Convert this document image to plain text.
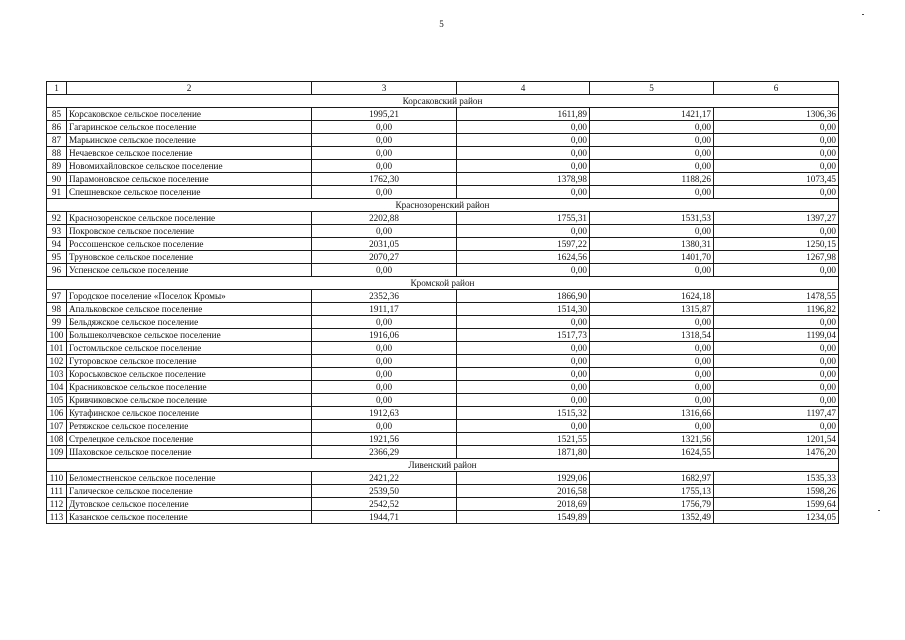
5
1	2	3	4	5	6
Корсаковский район					
85	Корсаковское сельское поселение	1995,21	1611,89	1421,17	1306,36
86	Гагаринское сельское поселение	0,00	0,00	0,00	0,00
87	Марьинское сельское поселение	0,00	0,00	0,00	0,00
88	Нечаевское сельское поселение	0,00	0,00	0,00	0,00
89	Новомихайловское сельское поселение	0,00	0,00	0,00	0,00
90	Парамоновское сельское поселение	1762,30	1378,98	1188,26	1073,45
91	Спешневское сельское поселение	0,00	0,00	0,00	0,00
Краснозоренский район					
92	Краснозоренское сельское поселение	2202,88	1755,31	1531,53	1397,27
93	Покровское сельское поселение	0,00	0,00	0,00	0,00
94	Россошенское сельское поселение	2031,05	1597,22	1380,31	1250,15
95	Труновское сельское поселение	2070,27	1624,56	1401,70	1267,98
96	Успенское сельское поселение	0,00	0,00	0,00	0,00
Кромской район					
97	Городское поселение «Поселок Кромы»	2352,36	1866,90	1624,18	1478,55
98	Апальковское сельское поселение	1911,17	1514,30	1315,87	1196,82
99	Бельдяжское сельское поселение	0,00	0,00	0,00	0,00
100	Большеколчевское сельское поселение	1916,06	1517,73	1318,54	1199,04
101	Гостомльское сельское поселение	0,00	0,00	0,00	0,00
102	Гуторовское сельское поселение	0,00	0,00	0,00	0,00
103	Короськовское сельское поселение	0,00	0,00	0,00	0,00
104	Красниковское сельское поселение	0,00	0,00	0,00	0,00
105	Кривчиковское сельское поселение	0,00	0,00	0,00	0,00
106	Кутафинское сельское поселение	1912,63	1515,32	1316,66	1197,47
107	Ретяжское сельское поселение	0,00	0,00	0,00	0,00
108	Стрелецкое сельское поселение	1921,56	1521,55	1321,56	1201,54
109	Шаховское сельское поселение	2366,29	1871,80	1624,55	1476,20
Ливенский район					
110	Беломестненское сельское поселение	2421,22	1929,06	1682,97	1535,33
111	Галическое сельское поселение	2539,50	2016,58	1755,13	1598,26
112	Дутовское сельское поселение	2542,52	2018,69	1756,79	1599,64
113	Казанское сельское поселение	1944,71	1549,89	1352,49	1234,05
